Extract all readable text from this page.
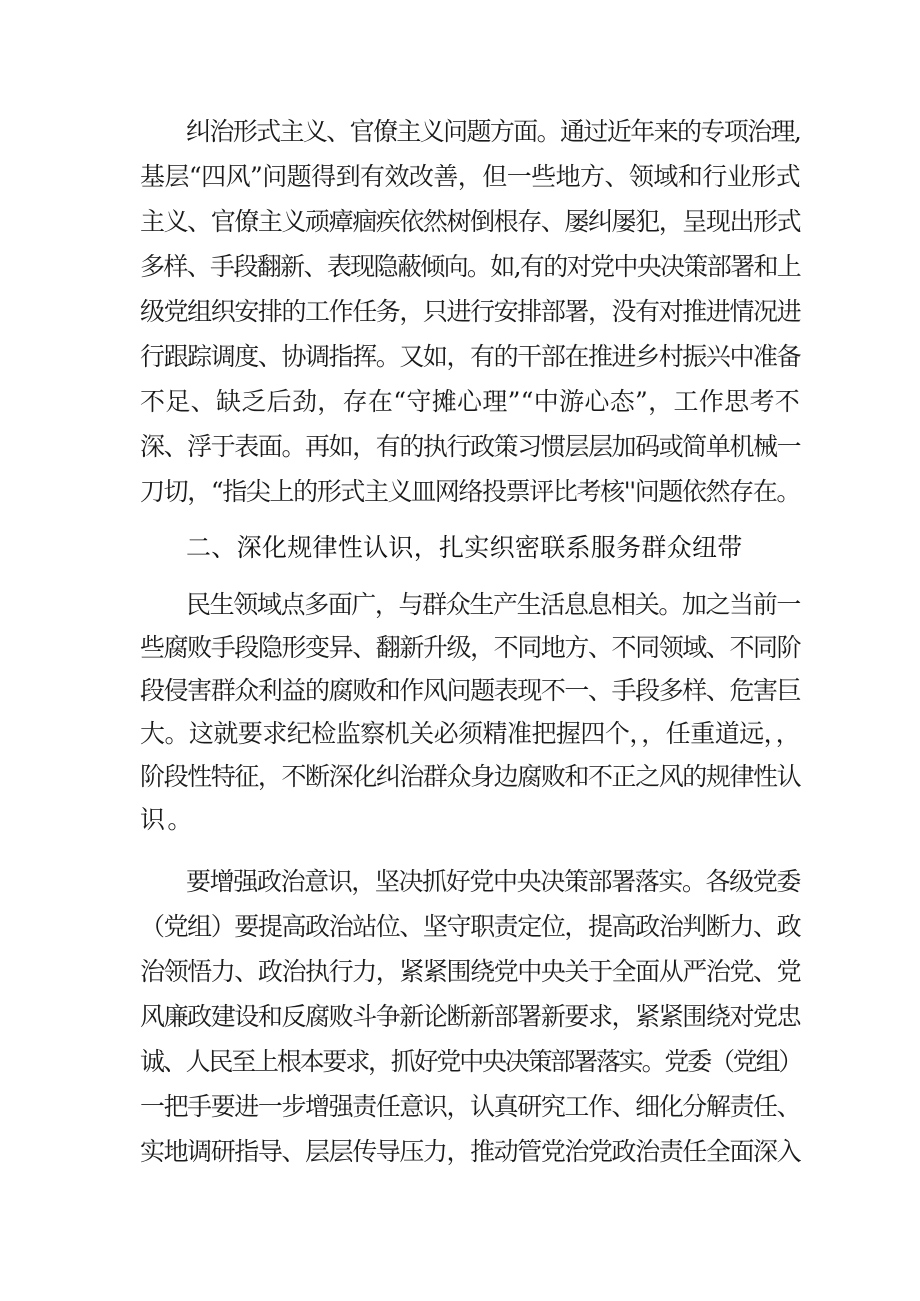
纠治形式主义、官僚主义问题方面。通过近年来的专项治理,
基层“四风”问题得到有效改善，但一些地方、领域和行业形式
主义、官僚主义顽瘴痼疾依然树倒根存、屡纠屡犯，呈现出形式
多样、手段翻新、表现隐蔽倾向。如,有的对党中央决策部署和上
级党组织安排的工作任务，只进行安排部署，没有对推进情况进
行跟踪调度、协调指挥。又如，有的干部在推进乡村振兴中准备
不足、缺乏后劲，存在“守摊心理”“中游心态”，工作思考不
深、浮于表面。再如，有的执行政策习惯层层加码或简单机械一
刀切，“指尖上的形式主义皿网络投票评比考核''问题依然存在。
二、深化规律性认识，扎实织密联系服务群众纽带
民生领域点多面广，与群众生产生活息息相关。加之当前一
些腐败手段隐形变异、翻新升级，不同地方、不同领域、不同阶
段侵害群众利益的腐败和作风问题表现不一、手段多样、危害巨
大。这就要求纪检监察机关必须精准把握四个，，任重道远，，
阶段性特征，不断深化纠治群众身边腐败和不正之风的规律性认
识。
要增强政治意识，坚决抓好党中央决策部署落实。各级党委
（党组）要提高政治站位、坚守职责定位，提高政治判断力、政
治领悟力、政治执行力，紧紧围绕党中央关于全面从严治党、党
风廉政建设和反腐败斗争新论断新部署新要求，紧紧围绕对党忠
诚、人民至上根本要求，抓好党中央决策部署落实。党委（党组）
一把手要进一步增强责任意识，认真研究工作、细化分解责任、
实地调研指导、层层传导压力，推动管党治党政治责任全面深入
